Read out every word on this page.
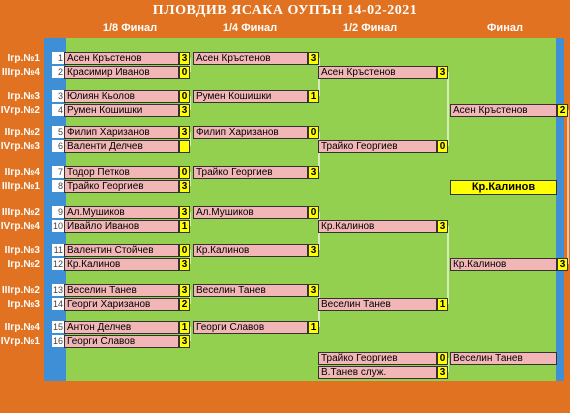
ПЛОВДИВ ЯСАКА ОУПЪН 14-02-2021
1/8 Финал	1/4 Финал	1/2 Финал	Финал
Iгр.№1	1 Асен Кръстенов	3
IIIгр.№4	2 Красимир Иванов	0
Iгр.№3	3 Юлиян Кьолов	0
IVгр.№2	4 Румен Кошишки	3
IIгр.№2	5 Филип Харизанов	3
IVгр.№3	6 Валенти Делчев
IIгр.№4	7 Тодор Петков	0
IIIгр.№1	8 Трайко Георгиев	3
IIIгр.№2	9 Ал.Мушиков	3
IVгр.№4 10 Ивайло Иванов	1
IIгр.№3 11 Валентин Стойчев	0
Iгр.№2 12 Кр.Калинов	3
IIIгр.№2 13 Веселин Танев	3
Iгр.№3 14 Георги Харизанов	2
IIгр.№4 15 Антон Делчев	1
IVгр.№1 16 Георги Славов	3
Асен Кръстенов	3
Румен Кошишки	1
Филип Харизанов	0
Трайко Георгиев	3
Ал.Мушиков	0
Кр.Калинов	3
Веселин Танев	3
Георги Славов	1
Асен Кръстенов	3
Трайко Георгиев	0
Кр.Калинов	3
Веселин Танев	1
Асен Кръстенов	2
Кр.Калинов	3
Трайко Георгиев	0
В.Танев служ.	3
Веселин Танев
Кр.Калинов
